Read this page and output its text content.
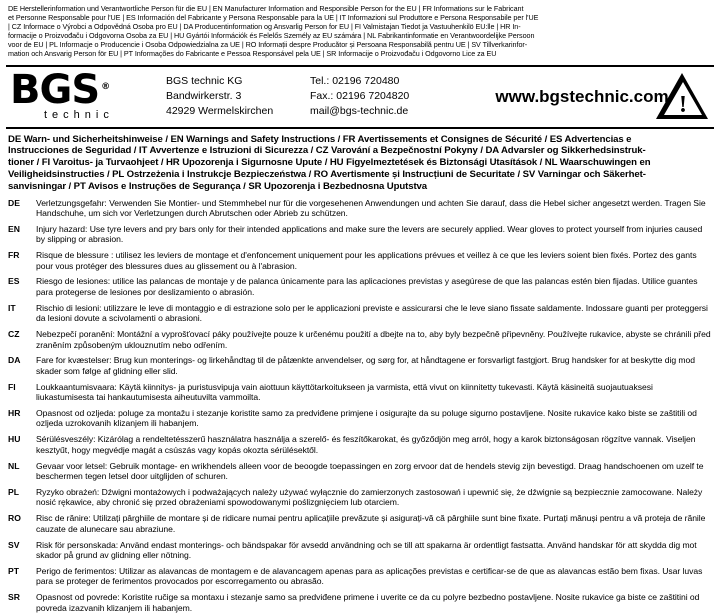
DE Herstellerinformation und Verantwortliche Person für die EU | EN Manufacturer Information and Responsible Person for the EU | FR Informations sur le Fabricant
et Personne Responsable pour l'UE | ES Información del Fabricante y Persona Responsable para la UE | IT Informazioni sul Produttore e Persona Responsabile per l'UE
| CZ Informace o Výrobci a Odpovědná Osoba pro EU | DA Producentinformation og Ansvarlig Person for EU | FI Valmistajan Tiedot ja Vastuuhenkilö EU:lle | HR In-
formacije o Proizvođaču i Odgovorna Osoba za EU | HU Gyártói Információk és Felelős Személy az EU számára | NL Fabrikantinformatie en Verantwoordelijke Persoon
voor de EU | PL Informacje o Producencie i Osoba Odpowiedzialna za UE | RO Informații despre Producător și Persoana Responsabilă pentru UE | SV Tillverkarinfor-
mation och Ansvarig Person för EU | PT Informações do Fabricante e Pessoa Responsável pela UE | SR Informacije o Proizvođaču i Odgovorno Lice za EU
BGS ®
technic
BGS technic KG
Bandwirkerstr. 3
42929 Wermelskirchen
Tel.: 02196 720480
Fax.: 02196 7204820
mail@bgs-technic.de
www.bgstechnic.com !
DE Warn- und Sicherheitshinweise / EN Warnings and Safety Instructions / FR Avertissements et Consignes de Sécurité / ES Advertencias e
Instrucciones de Seguridad / IT Avvertenze e Istruzioni di Sicurezza / CZ Varování a Bezpečnostní Pokyny / DA Advarsler og Sikkerhedsinstruk-
tioner / FI Varoitus- ja Turvaohjeet / HR Upozorenja i Sigurnosne Upute / HU Figyelmeztetések és Biztonsági Utasítások / NL Waarschuwingen en
Veiligheidsinstructies / PL Ostrzeżenia i Instrukcje Bezpieczeństwa / RO Avertismente și Instrucțiuni de Securitate / SV Varningar och Säkerhet-
sanvisningar / PT Avisos e Instruções de Segurança / SR Upozorenja i Bezbednosna Uputstva
DE	Verletzungsgefahr: Verwenden Sie Montier- und Stemmhebel nur für die vorgesehenen Anwendungen und achten Sie darauf, dass die Hebel sicher angesetzt werden. Tragen Sie Handschuhe, um sich vor Verletzungen durch Abrutschen oder Abrieb zu schützen.
EN	Injury hazard: Use tyre levers and pry bars only for their intended applications and make sure the levers are securely applied. Wear gloves to protect yourself from injuries caused by slipping or abrasion.
FR	Risque de blessure : utilisez les leviers de montage et d'enfoncement uniquement pour les applications prévues et veillez à ce que les leviers soient bien fixés. Portez des gants pour vous protéger des blessures dues au glissement ou à l'abrasion.
ES	Riesgo de lesiones: utilice las palancas de montaje y de palanca únicamente para las aplicaciones previstas y asegúrese de que las palancas estén bien fijadas. Utilice guantes para protegerse de lesiones por deslizamiento o abrasión.
IT	Rischio di lesioni: utilizzare le leve di montaggio e di estrazione solo per le applicazioni previste e assicurarsi che le leve siano fissate saldamente. Indossare guanti per proteggersi da lesioni dovute a scivolamenti o abrasioni.
CZ	Nebezpečí poranění: Montážní a vyprošťovací páky používejte pouze k určenému použití a dbejte na to, aby byly bezpečně připevněny. Používejte rukavice, abyste se chránili před zraněním způsobeným uklouznutím nebo odřením.
DA	Fare for kvæstelser: Brug kun monterings- og lirkehåndtag til de påtænkte anvendelser, og sørg for, at håndtagene er forsvarligt fastgjort. Brug handsker for at beskytte dig mod skader som følge af glidning eller slid.
FI	Loukkaantumisvaara: Käytä kiinnitys- ja puristusvipuja vain aiottuun käyttötarkoitukseen ja varmista, että vivut on kiinnitetty tukevasti. Käytä käsineitä suojautuaksesi liukastumisesta tai hankautumisesta aiheutuvilta vammoilta.
HR	Opasnost od ozljeda: poluge za montažu i stezanje koristite samo za predviđene primjene i osigurajte da su poluge sigurno postavljene. Nosite rukavice kako biste se zaštitili od ozljeda uzrokovanih klizanjem ili habanjem.
HU	Sérülésveszély: Kizárólag a rendeltetésszerű használatra használja a szerelő- és feszítőkarokat, és győződjön meg arról, hogy a karok biztonságosan rögzítve vannak. Viseljen kesztyűt, hogy megvédje magát a csúszás vagy kopás okozta sérülésektől.
NL	Gevaar voor letsel: Gebruik montage- en wrikhendels alleen voor de beoogde toepassingen en zorg ervoor dat de hendels stevig zijn bevestigd. Draag handschoenen om uzelf te beschermen tegen letsel door uitglijden of schuren.
PL	Ryzyko obrażeń: Dźwigni montażowych i podważających należy używać wyłącznie do zamierzonych zastosowań i upewnić się, że dźwignie są bezpiecznie zamocowane. Należy nosić rękawice, aby chronić się przed obrażeniami spowodowanymi poślizgnięciem lub otarciem.
RO	Risc de rănire: Utilizați pârghiile de montare și de ridicare numai pentru aplicațiile prevăzute și asigurați-vă că pârghiile sunt bine fixate. Purtați mănuși pentru a vă proteja de rănile cauzate de alunecare sau abraziune.
SV	Risk för personskada: Använd endast monterings- och bändspakar för avsedd användning och se till att spakarna är ordentligt fastsatta. Använd handskar för att skydda dig mot skador på grund av glidning eller nötning.
PT	Perigo de ferimentos: Utilizar as alavancas de montagem e de alavancagem apenas para as aplicações previstas e certificar-se de que as alavancas estão bem fixas. Usar luvas para se proteger de ferimentos provocados por escorregamento ou abrasão.
SR	Opasnost od povrede: Koristite ručige sa montaxu i stezanje samo sa predviđene primene i uverite ce da cu polyre bezbedno postavljene. Nosite rukavice ga biste ce zaštitini od povreda izazvanih klizanjem ili habanjem.
